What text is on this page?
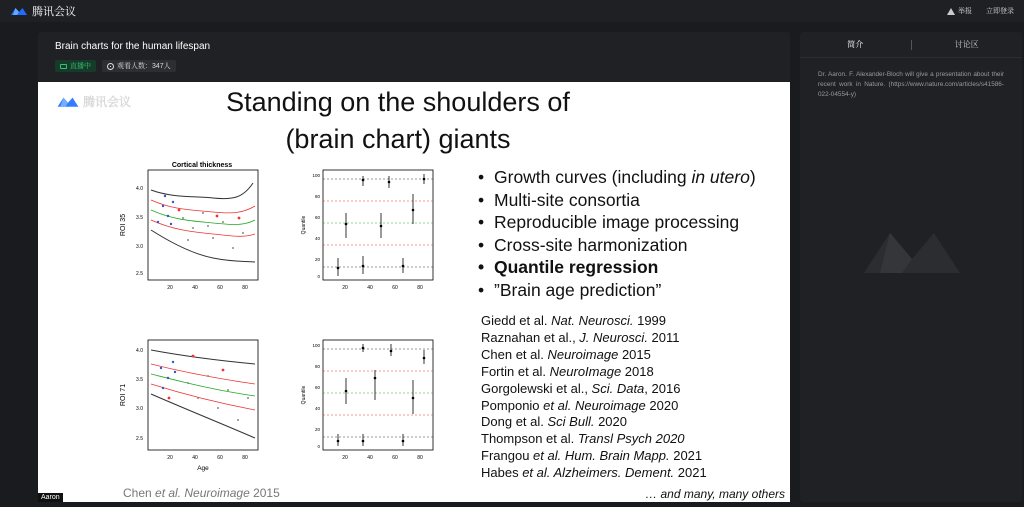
腾讯会议	举报 立即登录
Brain charts for the human lifespan
直播中	观看人数：347人
腾讯会议	Standing on the shoulders of
(brain chart) giants
Cortical thickness
ROI 35
4.0
3.5
3.0
2.5
20	40	60	80
Quantile
100
80
60
40
20
0
20	40	60	80
ROI 71
4.0
3.5
3.0
2.5
20	40	60	80
Age
Quantile
100
80
60
40
20
0
20	40	60	80
• Growth curves (including in utero)
• Multi-site consortia
• Reproducible image processing
• Cross-site harmonization
• Quantile regression
• ”Brain age prediction”
Giedd et al. Nat. Neurosci. 1999
Raznahan et al., J. Neurosci. 2011
Chen et al. Neuroimage 2015
Fortin et al. NeuroImage 2018
Gorgolewski et al., Sci. Data, 2016
Pomponio et al. Neuroimage 2020
Dong et al. Sci Bull. 2020
Thompson et al. Transl Psych 2020
Frangou et al. Hum. Brain Mapp. 2021
Habes et al. Alzheimers. Dement. 2021
Chen et al. Neuroimage 2015	… and many, many others
Aaron
简介	讨论区
Dr. Aaron. F. Alexander-Bloch will give a presentation about their recent work in Nature. (https://www.nature.com/articles/s41586-022-04554-y)
